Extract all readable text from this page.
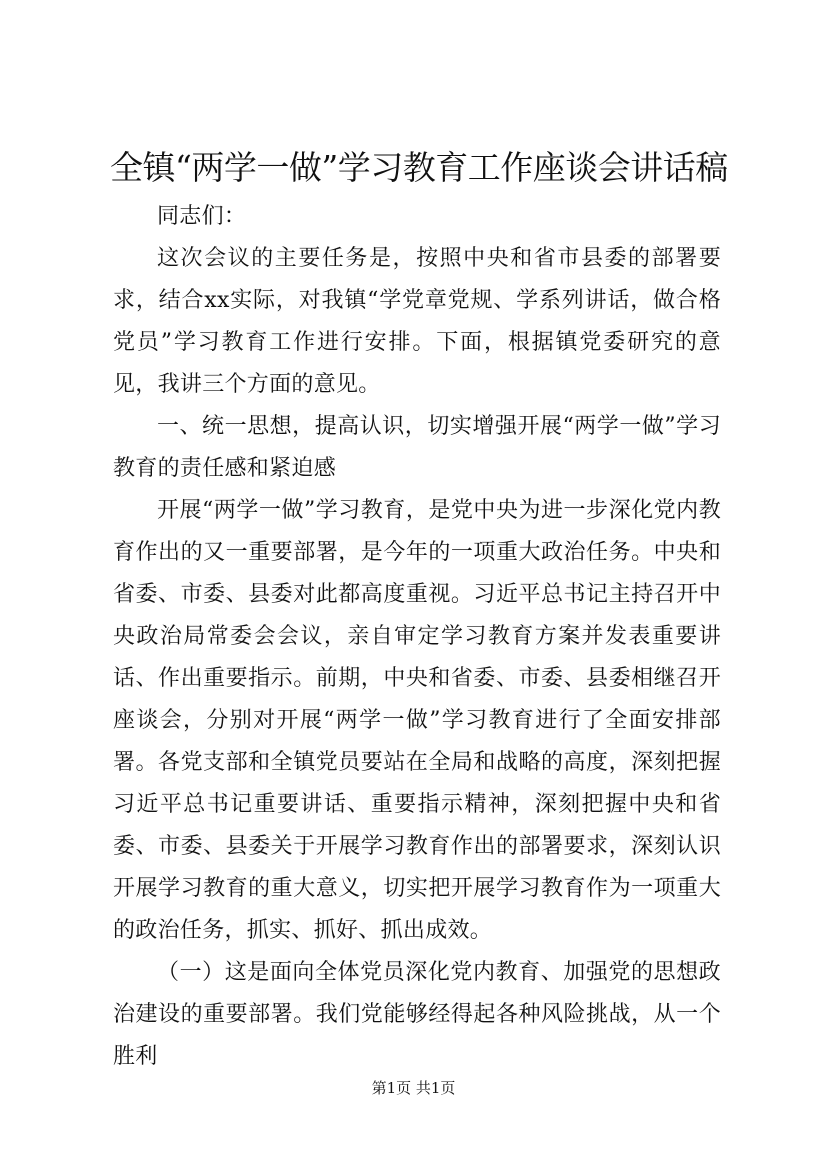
全镇“两学一做”学习教育工作座谈会讲话稿

同志们：

这次会议的主要任务是，按照中央和省市县委的部署要求，结合xx实际，对我镇“学党章党规、学系列讲话，做合格党员”学习教育工作进行安排。下面，根据镇党委研究的意见，我讲三个方面的意见。

一、统一思想，提高认识，切实增强开展“两学一做”学习教育的责任感和紧迫感

开展“两学一做”学习教育，是党中央为进一步深化党内教育作出的又一重要部署，是今年的一项重大政治任务。中央和省委、市委、县委对此都高度重视。习近平总书记主持召开中央政治局常委会会议，亲自审定学习教育方案并发表重要讲话、作出重要指示。前期，中央和省委、市委、县委相继召开座谈会，分别对开展“两学一做”学习教育进行了全面安排部署。各党支部和全镇党员要站在全局和战略的高度，深刻把握习近平总书记重要讲话、重要指示精神，深刻把握中央和省委、市委、县委关于开展学习教育作出的部署要求，深刻认识开展学习教育的重大意义，切实把开展学习教育作为一项重大的政治任务，抓实、抓好、抓出成效。

（一）这是面向全体党员深化党内教育、加强党的思想政治建设的重要部署。我们党能够经得起各种风险挑战，从一个胜利

第1页 共1页
